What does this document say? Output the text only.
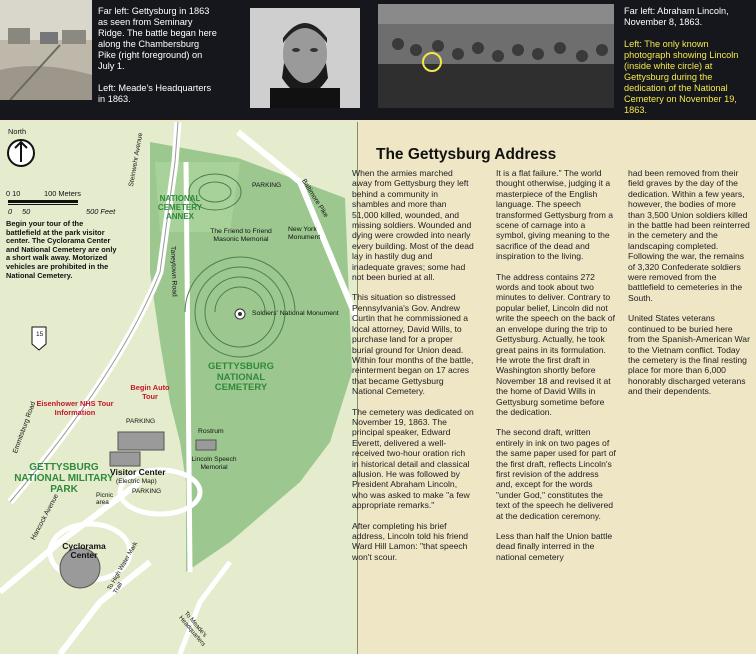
Far left: Gettysburg in 1863 as seen from Seminary Ridge. The battle began here along the Chambersburg Pike (right foreground) on July 1.

Left: Meade's Headquarters in 1863.
Far left: Abraham Lincoln, November 8, 1863.

Left: The only known photograph showing Lincoln (inside white circle) at Gettysburg during the dedication of the National Cemetery on November 19, 1863.
North
0 10	100 Meters
0 50	500 Feet
Begin your tour of the battlefield at the park visitor center. The Cyclorama Center and National Cemetery are only a short walk away. Motorized vehicles are prohibited in the National Cemetery.
15
NATIONAL CEMETERY ANNEX
GETTYSBURG NATIONAL CEMETERY
GETTYSBURG NATIONAL MILITARY PARK
The Friend to Friend Masonic Memorial
New York Monument
Soldiers' National Monument
Rostrum
Lincoln Speech Memorial
Eisenhower NHS Tour Information
Begin Auto Tour
PARKING
PARKING
PARKING
Visitor Center
(Electric Map)
Picnic area
Cyclorama Center
Taneytown Road
Emmitsburg Road
Steinwehr Avenue
Baltimore Pike
Hancock Avenue
To High Water Mark Trail
To Meade's Headquarters
The Gettysburg Address

When the armies marched away from Gettysburg they left behind a community in shambles and more than 51,000 killed, wounded, and missing soldiers. Wounded and dying were crowded into nearly every building. Most of the dead lay in hastily dug and inadequate graves; some had not been buried at all.

This situation so distressed Pennsylvania's Gov. Andrew Curtin that he commissioned a local attorney, David Wills, to purchase land for a proper burial ground for Union dead. Within four months of the battle, reinterment began on 17 acres that became Gettysburg National Cemetery.

The cemetery was dedicated on November 19, 1863. The principal speaker, Edward Everett, delivered a well-received two-hour oration rich in historical detail and classical allusion. He was followed by President Abraham Lincoln, who was asked to make "a few appropriate remarks."

After completing his brief address, Lincoln told his friend Ward Hill Lamon: "that speech won't scour.

It is a flat failure." The world thought otherwise, judging it a masterpiece of the English language. The speech transformed Gettysburg from a scene of carnage into a symbol, giving meaning to the sacrifice of the dead and inspiration to the living.

The address contains 272 words and took about two minutes to deliver. Contrary to popular belief, Lincoln did not write the speech on the back of an envelope during the trip to Gettysburg. Actually, he took great pains in its formulation. He wrote the first draft in Washington shortly before November 18 and revised it at the home of David Wills in Gettysburg sometime before the dedication.

The second draft, written entirely in ink on two pages of the same paper used for part of the first draft, reflects Lincoln's first revision of the address and, except for the words "under God," constitutes the text of the speech he delivered at the dedication ceremony.

Less than half the Union battle dead finally interred in the national cemetery

had been removed from their field graves by the day of the dedication. Within a few years, however, the bodies of more than 3,500 Union soldiers killed in the battle had been reinterred in the cemetery and the landscaping completed. Following the war, the remains of 3,320 Confederate soldiers were removed from the battlefield to cemeteries in the South.

United States veterans continued to be buried here from the Spanish-American War to the Vietnam conflict. Today the cemetery is the final resting place for more than 6,000 honorably discharged veterans and their dependents.
